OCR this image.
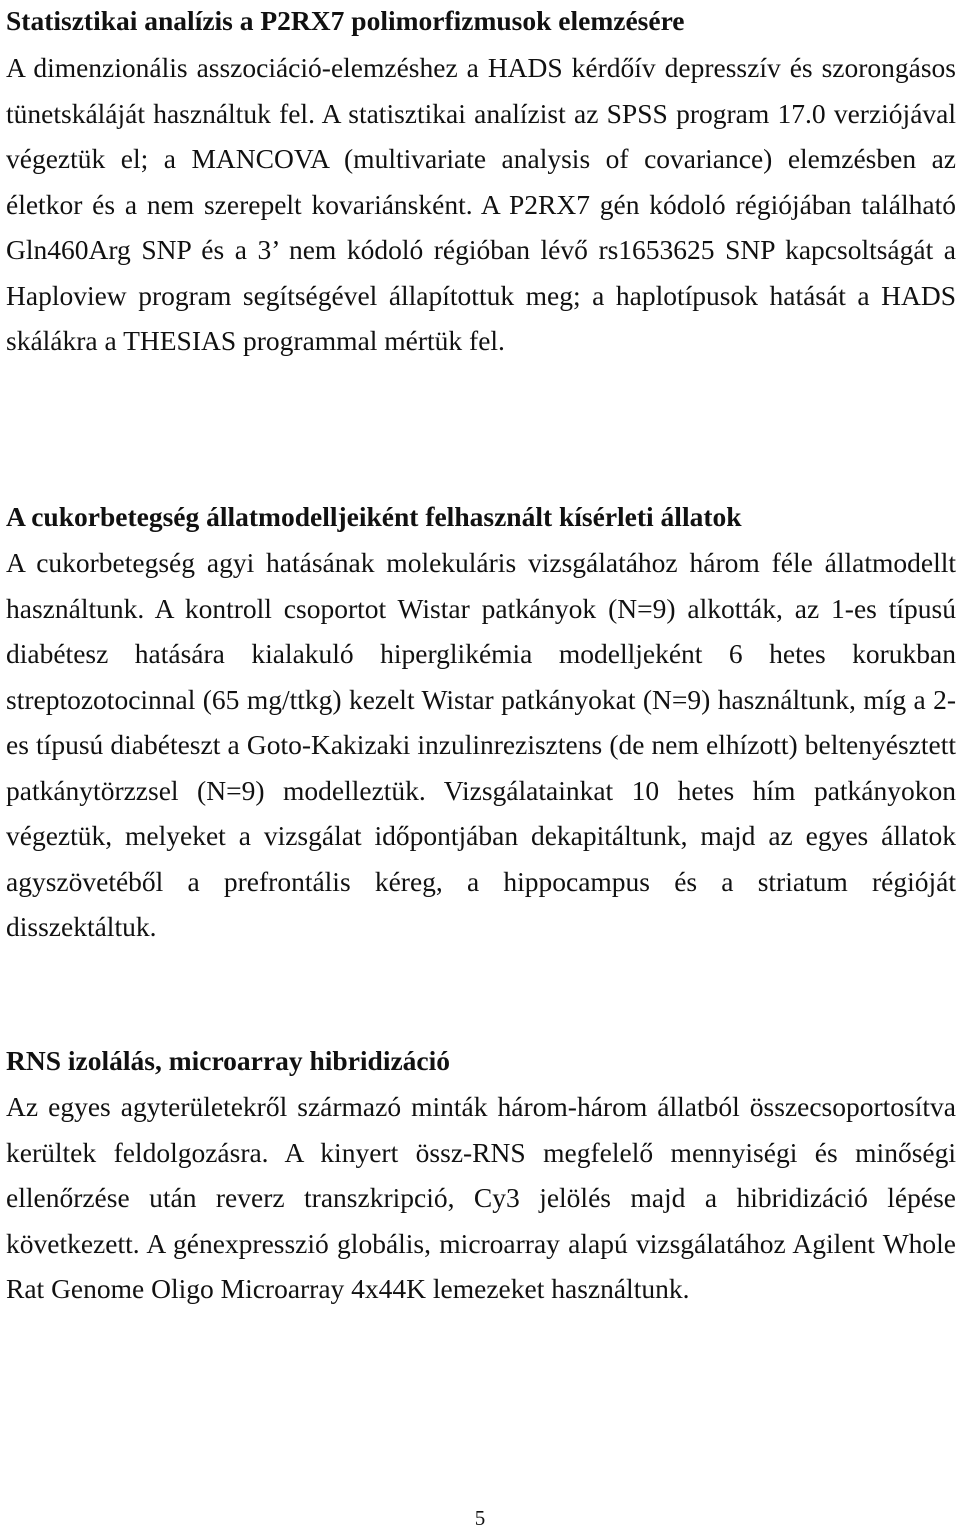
Statisztikai analízis a P2RX7 polimorfizmusok elemzésére

A dimenzionális asszociáció-elemzéshez a HADS kérdőív depresszív és szorongásos tünetskáláját használtuk fel. A statisztikai analízist az SPSS program 17.0 verziójával végeztük el; a MANCOVA (multivariate analysis of covariance) elemzésben az életkor és a nem szerepelt kovariánsként. A P2RX7 gén kódoló régiójában található Gln460Arg SNP és a 3’ nem kódoló régióban lévő rs1653625 SNP kapcsoltságát a Haploview program segítségével állapítottuk meg; a haplotípusok hatását a HADS skálákra a THESIAS programmal mértük fel.

A cukorbetegség állatmodelljeiként felhasznált kísérleti állatok

A cukorbetegség agyi hatásának molekuláris vizsgálatához három féle állatmodellt használtunk. A kontroll csoportot Wistar patkányok (N=9) alkották, az 1-es típusú diabétesz hatására kialakuló hiperglikémia modelljeként 6 hetes korukban streptozotocinnal (65 mg/ttkg) kezelt Wistar patkányokat (N=9) használtunk, míg a 2-es típusú diabéteszt a Goto-Kakizaki inzulinrezisztens (de nem elhízott) beltenyésztett patkánytörzzsel (N=9) modelleztük. Vizsgálatainkat 10 hetes hím patkányokon végeztük, melyeket a vizsgálat időpontjában dekapitáltunk, majd az egyes állatok agyszövetéből a prefrontális kéreg, a hippocampus és a striatum régióját disszektáltuk.

RNS izolálás, microarray hibridizáció

Az egyes agyterületekről származó minták három-három állatból összecsoportosítva kerültek feldolgozásra. A kinyert össz-RNS megfelelő mennyiségi és minőségi ellenőrzése után reverz transzkripció, Cy3 jelölés majd a hibridizáció lépése következett. A génexpresszió globális, microarray alapú vizsgálatához Agilent Whole Rat Genome Oligo Microarray 4x44K lemezeket használtunk.

5
